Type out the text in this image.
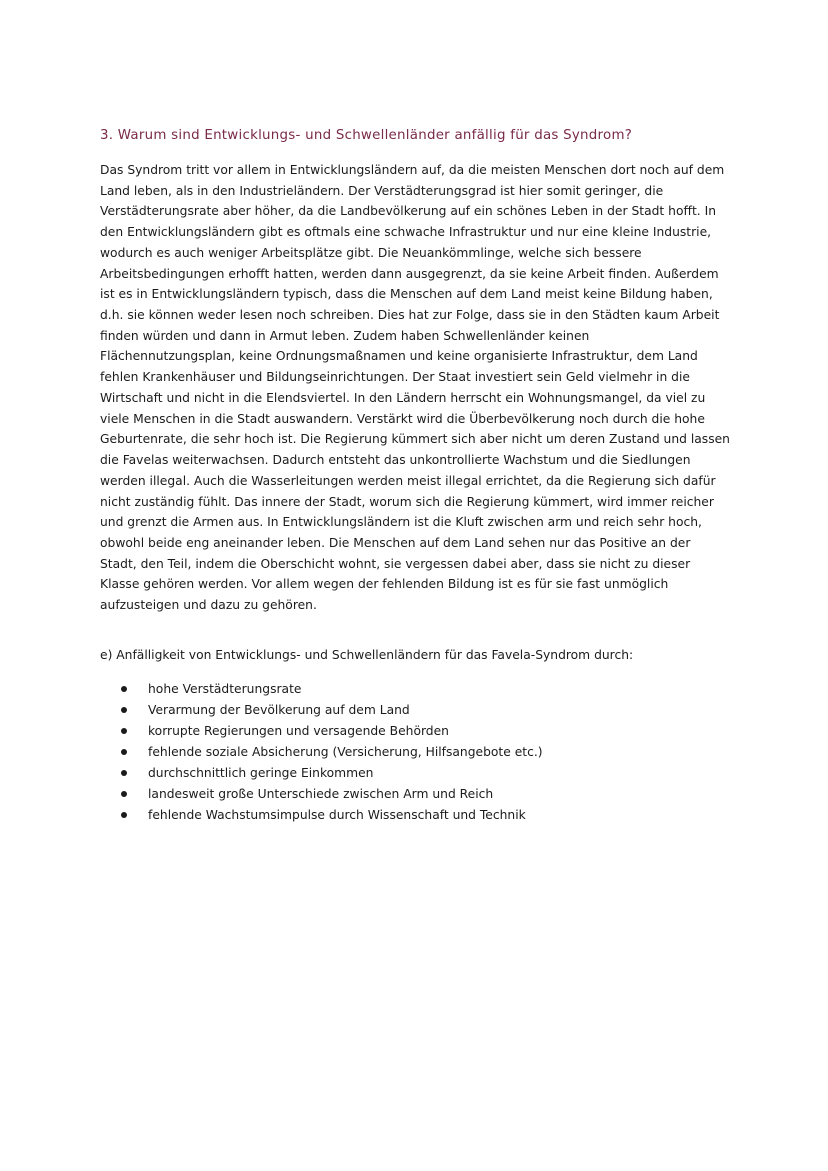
3. Warum sind Entwicklungs- und Schwellenländer anfällig für das Syndrom?
Das Syndrom tritt vor allem in Entwicklungsländern auf, da die meisten Menschen dort noch auf dem
Land leben, als in den Industrieländern. Der Verstädterungsgrad ist hier somit geringer, die
Verstädterungsrate aber höher, da die Landbevölkerung auf ein schönes Leben in der Stadt hofft. In
den Entwicklungsländern gibt es oftmals eine schwache Infrastruktur und nur eine kleine Industrie,
wodurch es auch weniger Arbeitsplätze gibt. Die Neuankömmlinge, welche sich bessere
Arbeitsbedingungen erhofft hatten, werden dann ausgegrenzt, da sie keine Arbeit finden. Außerdem
ist es in Entwicklungsländern typisch, dass die Menschen auf dem Land meist keine Bildung haben,
d.h. sie können weder lesen noch schreiben. Dies hat zur Folge, dass sie in den Städten kaum Arbeit
finden würden und dann in Armut leben. Zudem haben Schwellenländer keinen
Flächennutzungsplan, keine Ordnungsmaßnamen und keine organisierte Infrastruktur, dem Land
fehlen Krankenhäuser und Bildungseinrichtungen. Der Staat investiert sein Geld vielmehr in die
Wirtschaft und nicht in die Elendsviertel. In den Ländern herrscht ein Wohnungsmangel, da viel zu
viele Menschen in die Stadt auswandern. Verstärkt wird die Überbevölkerung noch durch die hohe
Geburtenrate, die sehr hoch ist. Die Regierung kümmert sich aber nicht um deren Zustand und lassen
die Favelas weiterwachsen. Dadurch entsteht das unkontrollierte Wachstum und die Siedlungen
werden illegal. Auch die Wasserleitungen werden meist illegal errichtet, da die Regierung sich dafür
nicht zuständig fühlt. Das innere der Stadt, worum sich die Regierung kümmert, wird immer reicher
und grenzt die Armen aus. In Entwicklungsländern ist die Kluft zwischen arm und reich sehr hoch,
obwohl beide eng aneinander leben. Die Menschen auf dem Land sehen nur das Positive an der
Stadt, den Teil, indem die Oberschicht wohnt, sie vergessen dabei aber, dass sie nicht zu dieser
Klasse gehören werden. Vor allem wegen der fehlenden Bildung ist es für sie fast unmöglich
aufzusteigen und dazu zu gehören.

e) Anfälligkeit von Entwicklungs- und Schwellenländern für das Favela-Syndrom durch:

hohe Verstädterungsrate
Verarmung der Bevölkerung auf dem Land
korrupte Regierungen und versagende Behörden
fehlende soziale Absicherung (Versicherung, Hilfsangebote etc.)
durchschnittlich geringe Einkommen
landesweit große Unterschiede zwischen Arm und Reich
fehlende Wachstumsimpulse durch Wissenschaft und Technik
